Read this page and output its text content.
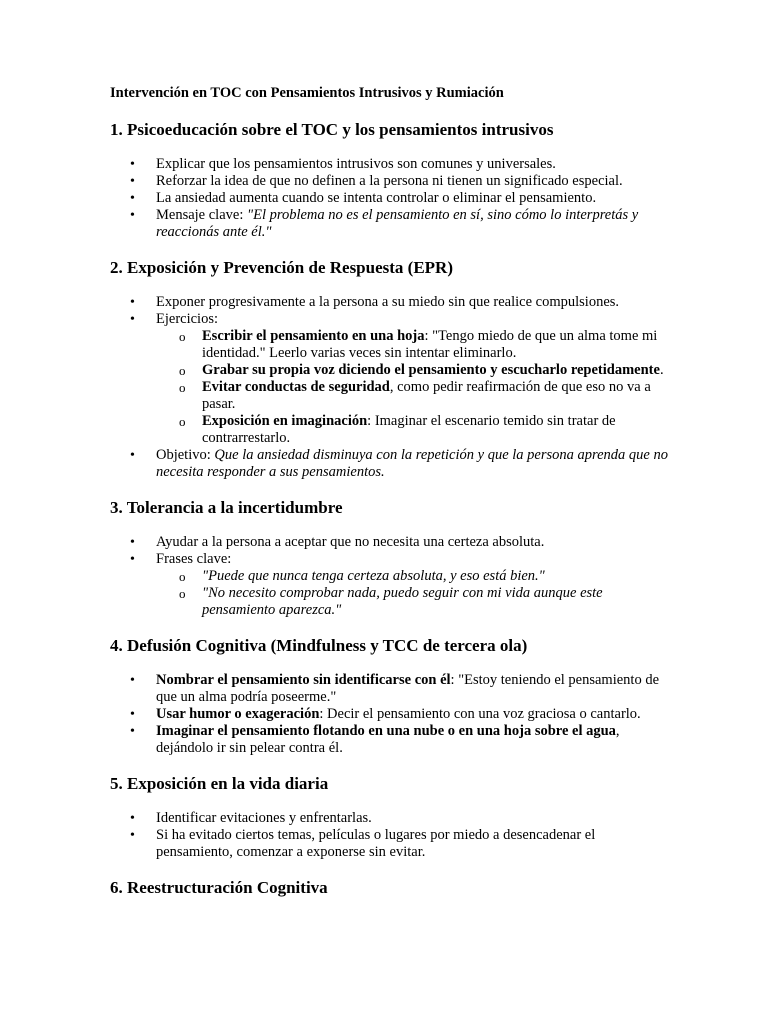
Intervención en TOC con Pensamientos Intrusivos y Rumiación
1. Psicoeducación sobre el TOC y los pensamientos intrusivos
• Explicar que los pensamientos intrusivos son comunes y universales.
• Reforzar la idea de que no definen a la persona ni tienen un significado especial.
• La ansiedad aumenta cuando se intenta controlar o eliminar el pensamiento.
• Mensaje clave: "El problema no es el pensamiento en sí, sino cómo lo interpretás y reaccionás ante él."
2. Exposición y Prevención de Respuesta (EPR)
• Exponer progresivamente a la persona a su miedo sin que realice compulsiones.
• Ejercicios:
o Escribir el pensamiento en una hoja: "Tengo miedo de que un alma tome mi identidad." Leerlo varias veces sin intentar eliminarlo.
o Grabar su propia voz diciendo el pensamiento y escucharlo repetidamente.
o Evitar conductas de seguridad, como pedir reafirmación de que eso no va a pasar.
o Exposición en imaginación: Imaginar el escenario temido sin tratar de contrarrestarlo.
• Objetivo: Que la ansiedad disminuya con la repetición y que la persona aprenda que no necesita responder a sus pensamientos.
3. Tolerancia a la incertidumbre
• Ayudar a la persona a aceptar que no necesita una certeza absoluta.
• Frases clave:
o "Puede que nunca tenga certeza absoluta, y eso está bien."
o "No necesito comprobar nada, puedo seguir con mi vida aunque este pensamiento aparezca."
4. Defusión Cognitiva (Mindfulness y TCC de tercera ola)
• Nombrar el pensamiento sin identificarse con él: "Estoy teniendo el pensamiento de que un alma podría poseerme."
• Usar humor o exageración: Decir el pensamiento con una voz graciosa o cantarlo.
• Imaginar el pensamiento flotando en una nube o en una hoja sobre el agua, dejándolo ir sin pelear contra él.
5. Exposición en la vida diaria
• Identificar evitaciones y enfrentarlas.
• Si ha evitado ciertos temas, películas o lugares por miedo a desencadenar el pensamiento, comenzar a exponerse sin evitar.
6. Reestructuración Cognitiva
